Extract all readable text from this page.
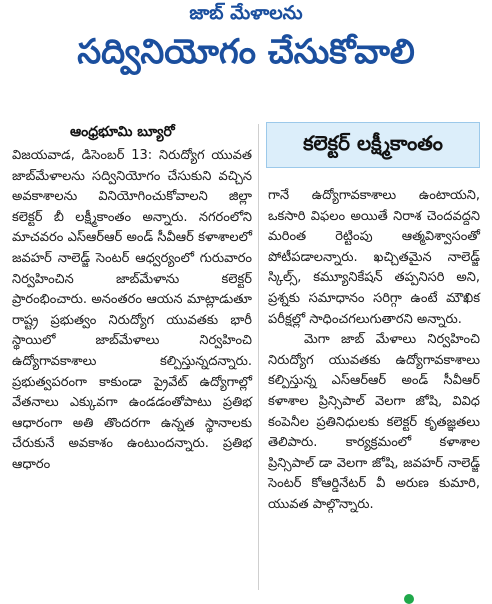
జాబ్ మేళాలను
సద్వినియోగం చేసుకోవాలి
ఆంధ్రభూమి బ్యూరో	కలెక్టర్ లక్ష్మీకాంతం

విజయవాడ, డిసెంబర్ 13: నిరుద్యోగ యువత జాబ్‌మేళాలను సద్వినియోగం చేసుకుని వచ్చిన అవకాశాలను వినియోగించుకోవాలని జిల్లా కలెక్టర్ బీ లక్ష్మీకాంతం అన్నారు. నగరంలోని మాచవరం ఎస్‌ఆర్‌ఆర్ అండ్ సీవీఆర్ కళాశాలలో జవహర్ నాలెడ్జ్ సెంటర్ ఆధ్వర్యంలో గురువారం నిర్వహించిన జాబ్‌మేళాను కలెక్టర్ ప్రారంభించారు. అనంతరం ఆయన మాట్లాడుతూ రాష్ట్ర ప్రభుత్వం నిరుద్యోగ యువతకు భారీ స్థాయిలో జాబ్‌మేళాలు నిర్వహించి ఉద్యోగావకాశాలు కల్పిస్తున్నదన్నారు. ప్రభుత్వపరంగా కాకుండా ప్రైవేట్ ఉద్యోగాల్లో వేతనాలు ఎక్కువగా ఉండడంతోపాటు ప్రతిభ ఆధారంగా అతి తొందరగా ఉన్నత స్థానాలకు చేరుకునే అవకాశం ఉంటుందన్నారు. ప్రతిభ ఆధారం

గానే ఉద్యోగావకాశాలు ఉంటాయని, ఒకసారి విఫలం అయితే నిరాశ చెందవద్దని మరింత రెట్టింపు ఆత్మవిశ్వాసంతో పోటీపడాలన్నారు. ఖచ్చితమైన నాలెడ్జ్ స్కిల్స్, కమ్యూనికేషన్ తప్పనిసరి అని, ప్రశ్నకు సమాధానం సరిగ్గా ఉంటే మౌఖిక పరీక్షల్లో సాధించగలుగుతారని అన్నారు.

మెగా జాబ్ మేళాలు నిర్వహించి నిరుద్యోగ యువతకు ఉద్యోగావకాశాలు కల్పిస్తున్న ఎస్‌ఆర్‌ఆర్ అండ్ సీవీఆర్ కళాశాల ప్రిన్సిపాల్ వెలగా జోషి, వివిధ కంపెనీల ప్రతినిధులకు కలెక్టర్ కృతజ్ఞతలు తెలిపారు. కార్యక్రమంలో కళాశాల ప్రిన్సిపాల్ డా వెలగా జోషి, జవహర్ నాలెడ్జ్ సెంటర్ కోఆర్డినేటర్ వీ అరుణ కుమారి, యువత పాల్గొన్నారు.
